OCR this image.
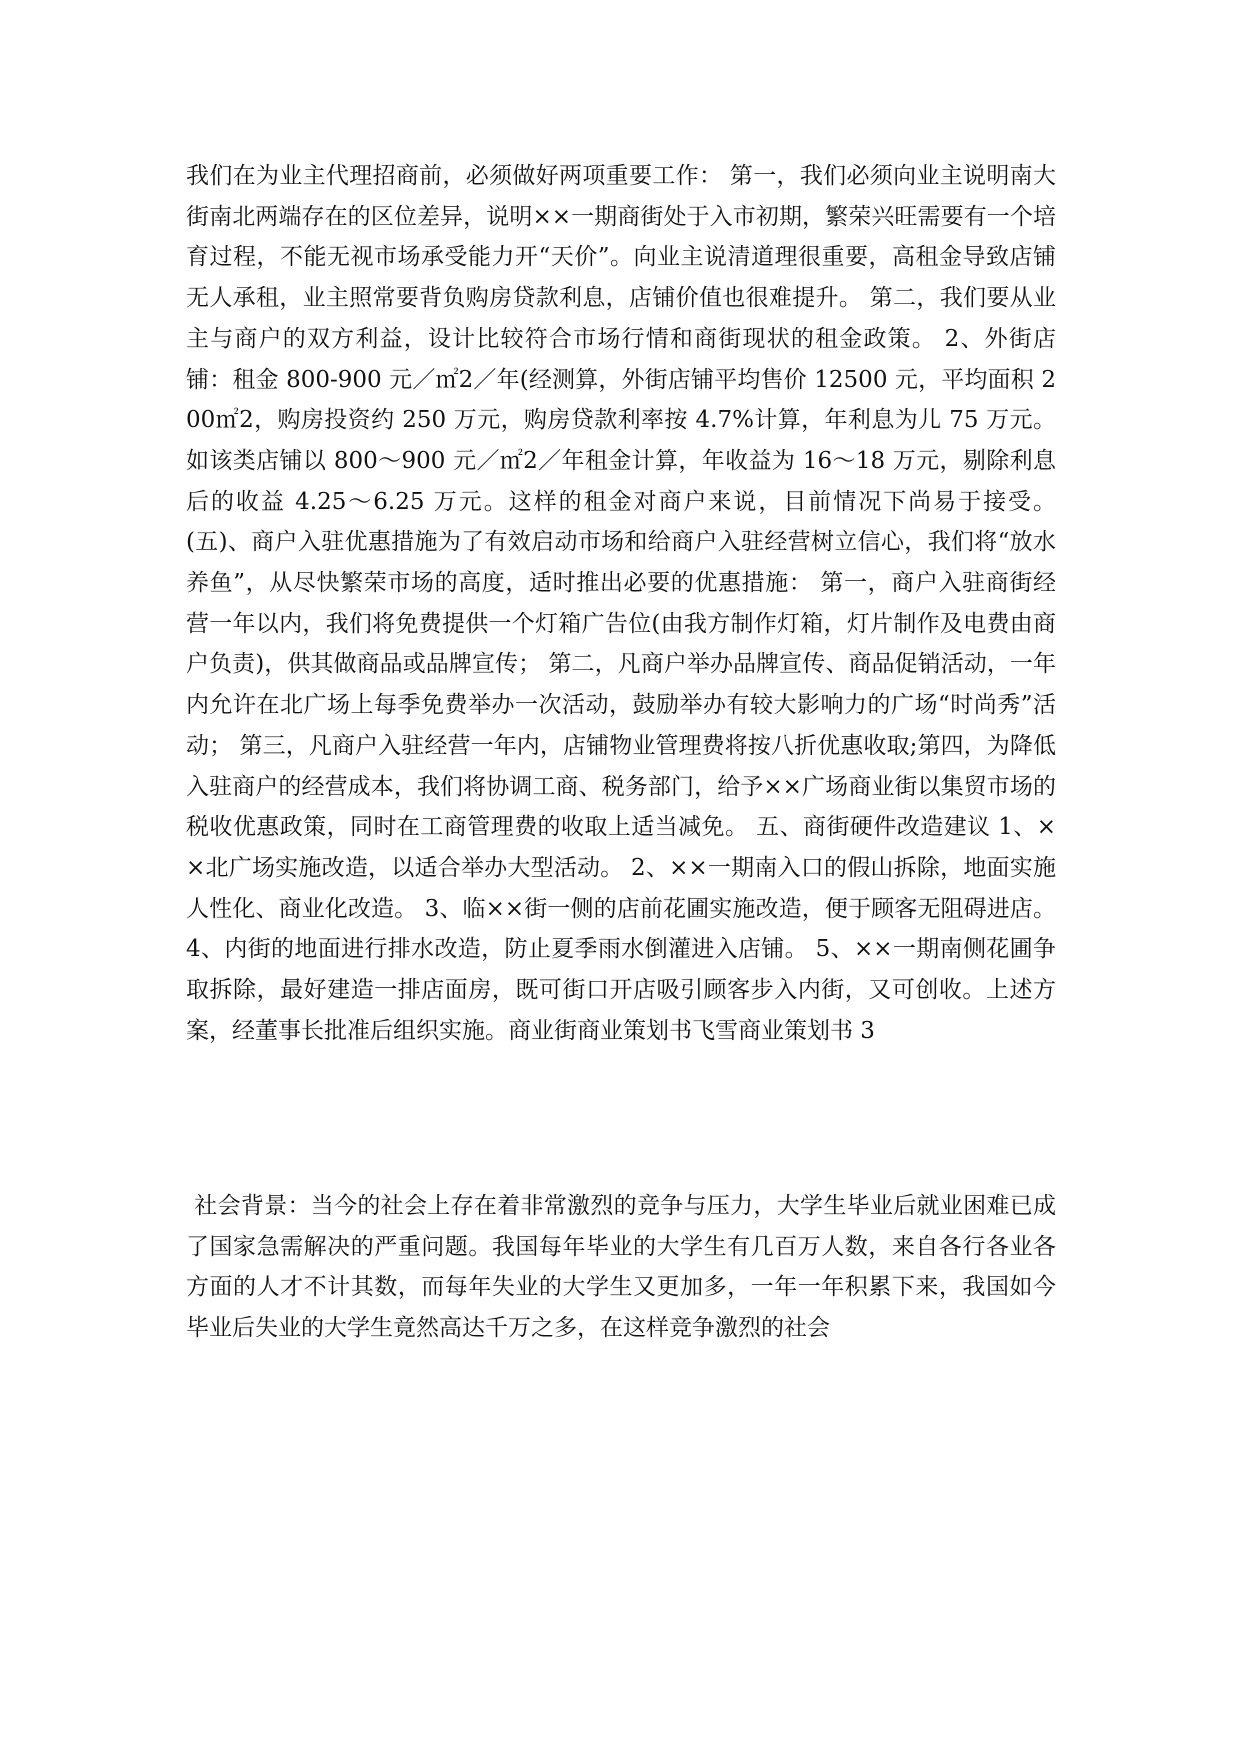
我们在为业主代理招商前，必须做好两项重要工作： 第一，我们必须向业主说明南大街南北两端存在的区位差异，说明××一期商街处于入市初期，繁荣兴旺需要有一个培育过程，不能无视市场承受能力开“天价”。向业主说清道理很重要，高租金导致店铺无人承租，业主照常要背负购房贷款利息，店铺价值也很难提升。 第二，我们要从业主与商户的双方利益，设计比较符合市场行情和商街现状的租金政策。 2、外街店铺：租金 800-900 元／㎡2／年(经测算，外街店铺平均售价 12500 元，平均面积 200㎡2，购房投资约 250 万元，购房贷款利率按 4.7%计算，年利息为儿 75 万元。如该类店铺以 800～900 元／㎡2／年租金计算，年收益为 16～18 万元，剔除利息后的收益 4.25～6.25 万元。这样的租金对商户来说，目前情况下尚易于接受。 (五)、商户入驻优惠措施为了有效启动市场和给商户入驻经营树立信心，我们将“放水养鱼”，从尽快繁荣市场的高度，适时推出必要的优惠措施： 第一，商户入驻商街经营一年以内，我们将免费提供一个灯箱广告位(由我方制作灯箱，灯片制作及电费由商户负责)，供其做商品或品牌宣传； 第二，凡商户举办品牌宣传、商品促销活动，一年内允许在北广场上每季免费举办一次活动，鼓励举办有较大影响力的广场“时尚秀”活动； 第三，凡商户入驻经营一年内，店铺物业管理费将按八折优惠收取;第四，为降低入驻商户的经营成本，我们将协调工商、税务部门，给予××广场商业街以集贸市场的税收优惠政策，同时在工商管理费的收取上适当减免。 五、商街硬件改造建议 1、××北广场实施改造，以适合举办大型活动。 2、××一期南入口的假山拆除，地面实施人性化、商业化改造。 3、临××街一侧的店前花圃实施改造，便于顾客无阻碍进店。 4、内街的地面进行排水改造，防止夏季雨水倒灌进入店铺。 5、××一期南侧花圃争取拆除，最好建造一排店面房，既可街口开店吸引顾客步入内街，又可创收。上述方案，经董事长批准后组织实施。商业街商业策划书飞雪商业策划书 3
社会背景：当今的社会上存在着非常激烈的竞争与压力，大学生毕业后就业困难已成了国家急需解决的严重问题。我国每年毕业的大学生有几百万人数，来自各行各业各方面的人才不计其数，而每年失业的大学生又更加多，一年一年积累下来，我国如今毕业后失业的大学生竟然高达千万之多，在这样竞争激烈的社会
